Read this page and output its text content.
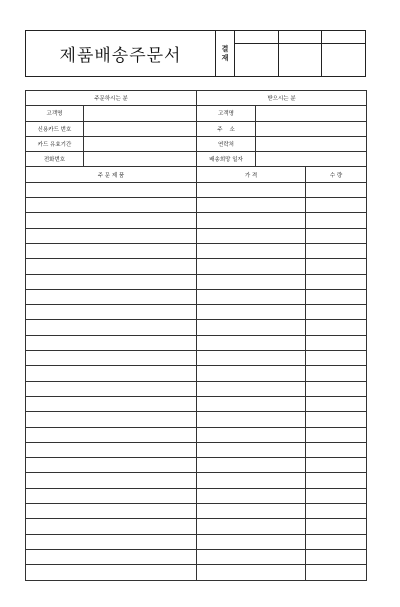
제품배송주문서	결
재			

주문하시는 분		받으시는 분		
고객명		고객명		
신용카드 번호		주    소		
카드 유효기간		연락처		
전화번호		배송희망 일자		
주 문 제 품		가 격		수 량
